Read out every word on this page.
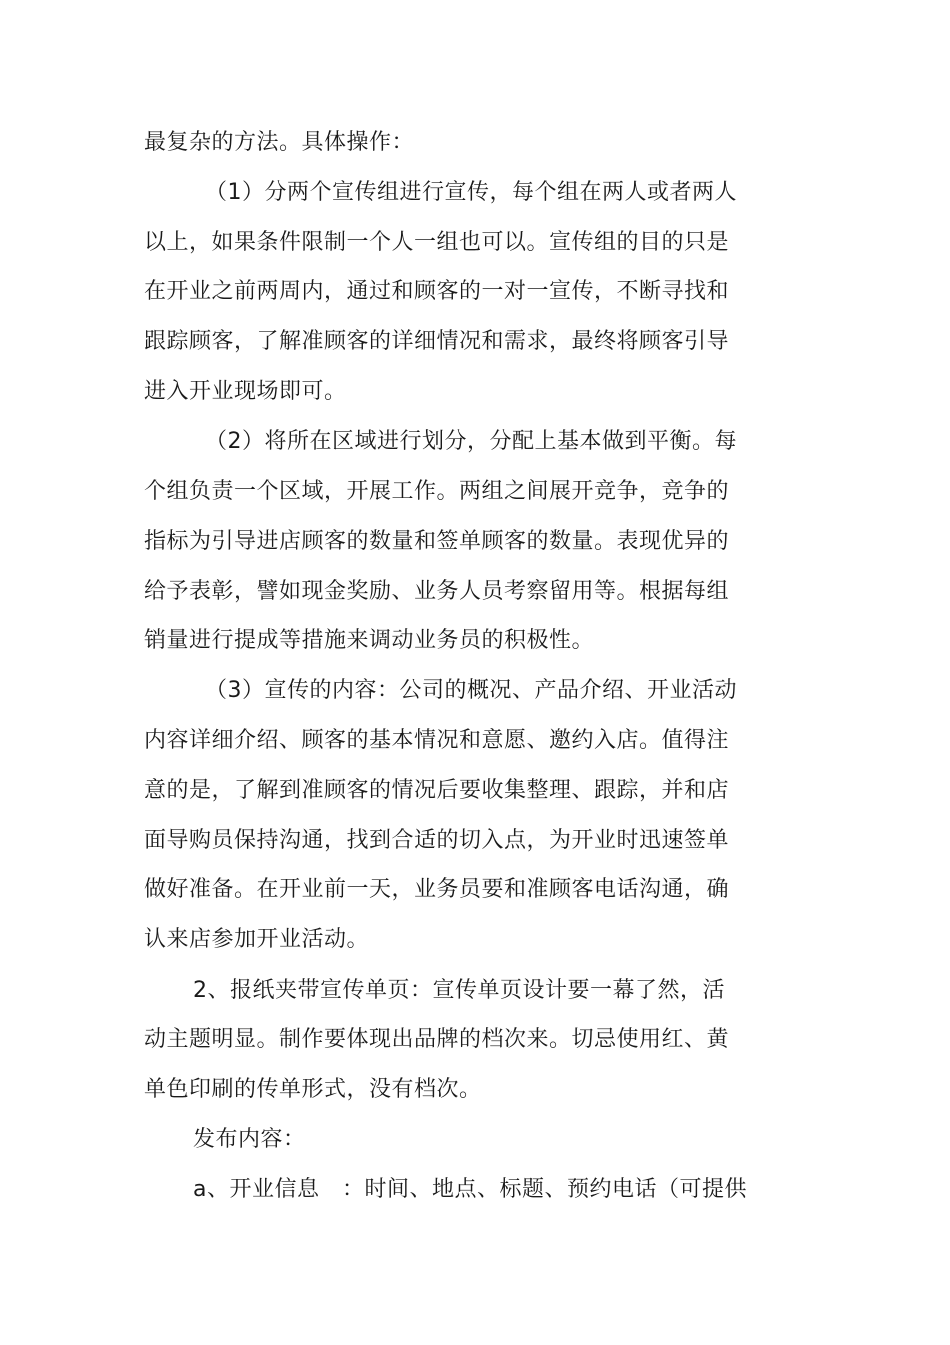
最复杂的方法。具体操作：
（1）分两个宣传组进行宣传，每个组在两人或者两人
以上，如果条件限制一个人一组也可以。宣传组的目的只是
在开业之前两周内，通过和顾客的一对一宣传，不断寻找和
跟踪顾客，了解准顾客的详细情况和需求，最终将顾客引导
进入开业现场即可。
（2）将所在区域进行划分，分配上基本做到平衡。每
个组负责一个区域，开展工作。两组之间展开竞争，竞争的
指标为引导进店顾客的数量和签单顾客的数量。表现优异的
给予表彰，譬如现金奖励、业务人员考察留用等。根据每组
销量进行提成等措施来调动业务员的积极性。
（3）宣传的内容：公司的概况、产品介绍、开业活动
内容详细介绍、顾客的基本情况和意愿、邀约入店。值得注
意的是，了解到准顾客的情况后要收集整理、跟踪，并和店
面导购员保持沟通，找到合适的切入点，为开业时迅速签单
做好准备。在开业前一天，业务员要和准顾客电话沟通，确
认来店参加开业活动。
2、报纸夹带宣传单页：宣传单页设计要一幕了然，活
动主题明显。制作要体现出品牌的档次来。切忌使用红、黄
单色印刷的传单形式，没有档次。
发布内容：
a、开业信息　：时间、地点、标题、预约电话（可提供
